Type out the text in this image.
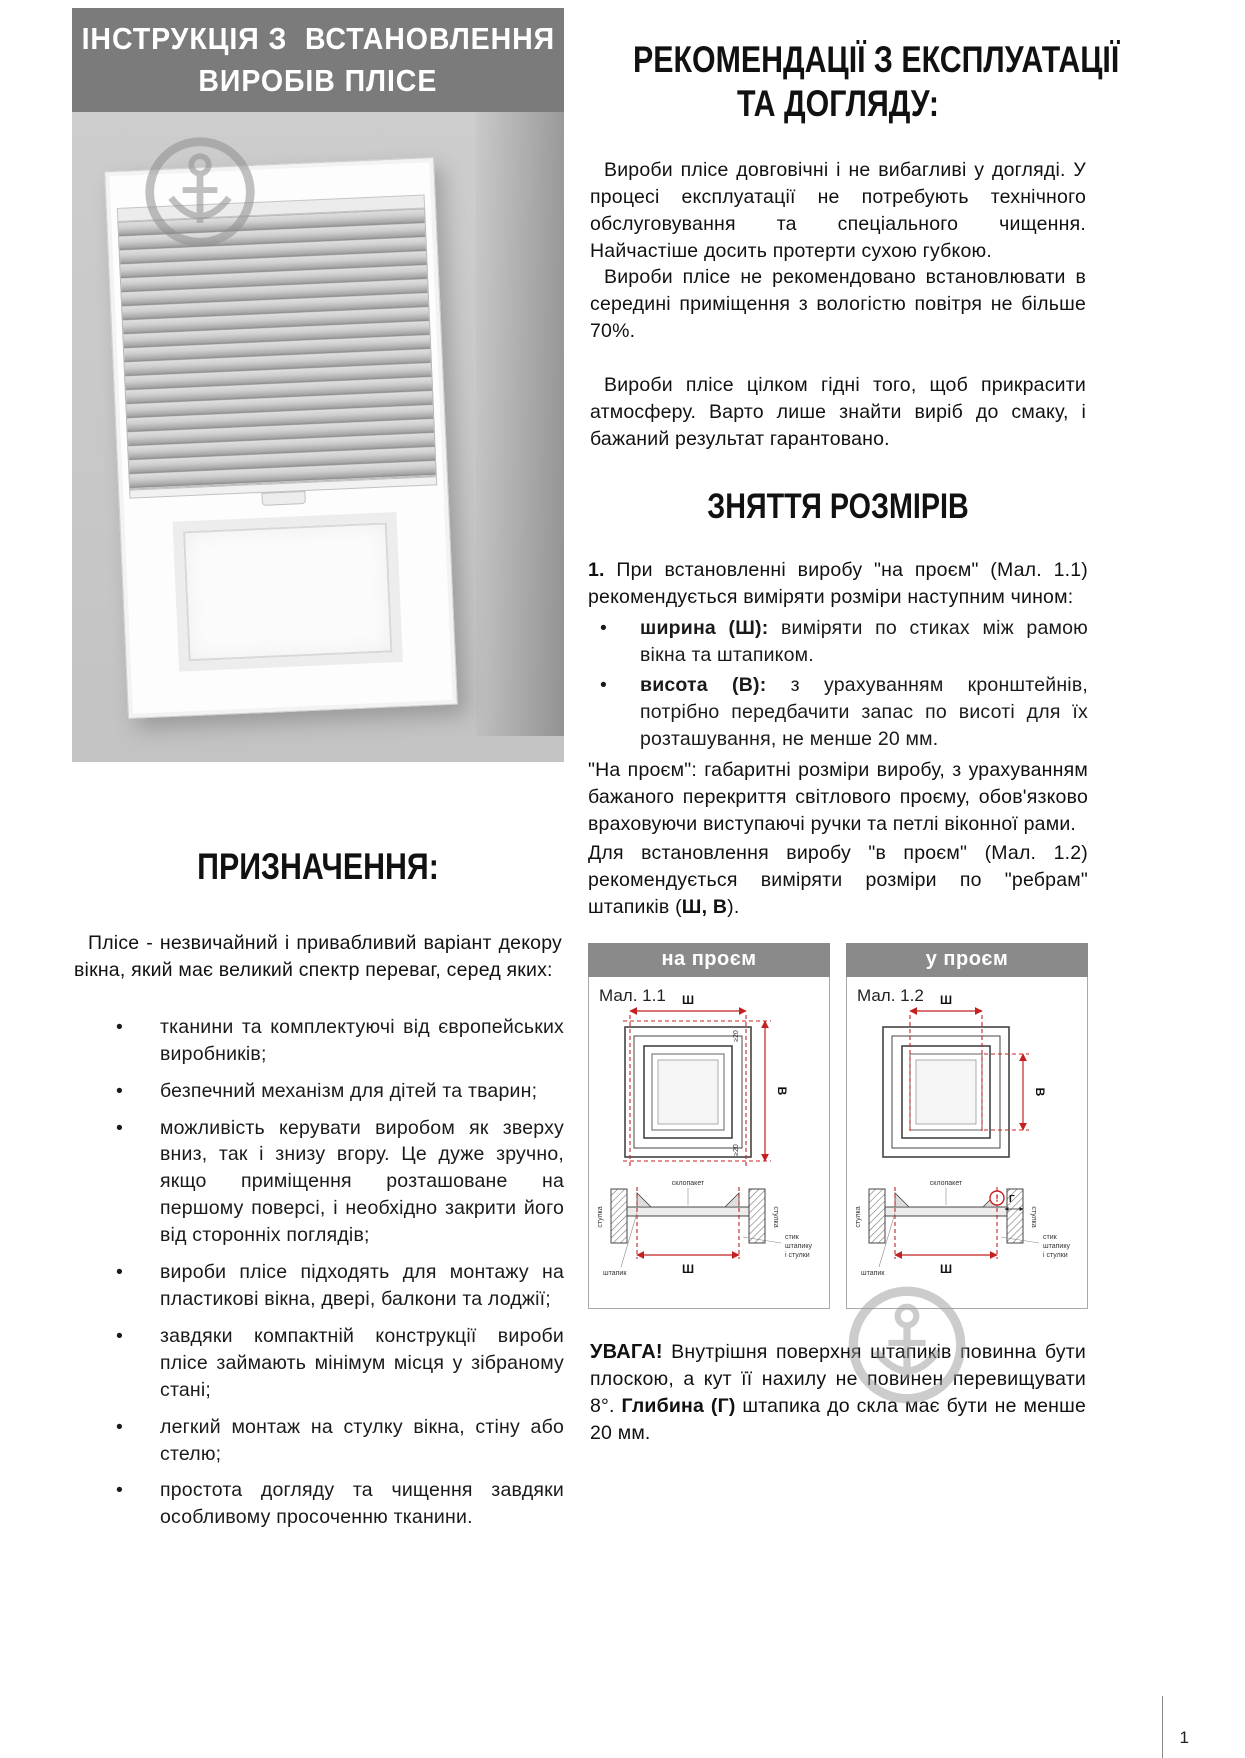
ІНСТРУКЦІЯ З  ВСТАНОВЛЕННЯ
ВИРОБІВ ПЛІСЕ
ПРИЗНАЧЕННЯ:

Плісе - незвичайний і привабливий варіант декору вікна, який має великий спектр переваг, серед яких:

• тканини та комплектуючі від європейських виробників;
• безпечний механізм для дітей та тварин;
• можливість керувати виробом як зверху вниз, так і знизу вгору. Це дуже зручно, якщо приміщення розташоване на першому поверсі, і необхідно закрити його від сторонніх поглядів;
• вироби плісе підходять для монтажу на пластикові вікна, двері, балкони та лоджії;
• завдяки компактній конструкції вироби плісе займають мінімум місця у зібраному стані;
• легкий монтаж на стулку вікна, стіну або стелю;
• простота догляду та чищення завдяки особливому просоченню тканини.
РЕКОМЕНДАЦІЇ З ЕКСПЛУАТАЦІЇ
ТА ДОГЛЯДУ:

Вироби плісе довговічні і не вибагливі у догляді. У процесі експлуатації не потребують технічного обслуговування та спеціального чищення. Найчастіше досить протерти сухою губкою.

Вироби плісе не рекомендовано встановлювати в середині приміщення з вологістю повітря не більше 70%.

Вироби плісе цілком гідні того, щоб прикрасити атмосферу. Варто лише знайти виріб до смаку, і бажаний результат гарантовано.

ЗНЯТТЯ РОЗМІРІВ

1. При встановленні виробу "на проєм" (Мал. 1.1) рекомендується виміряти розміри наступним чином:

• ширина (Ш): виміряти по стиках між рамою вікна та штапиком.
• висота (В): з урахуванням кронштейнів, потрібно передбачити запас по висоті для їх розташування, не менше 20 мм.

"На проєм": габаритні розміри виробу, з урахуванням бажаного перекриття світлового проєму, обов'язково враховуючи виступаючі ручки та петлі віконної рами.

Для встановлення виробу "в проєм" (Мал. 1.2) рекомендується виміряти розміри по "ребрам" штапиків (Ш, В).

на проєм
Мал. 1.1 Ш
В
≥20
≥20
склопакет
Ш
штапик
стулка	стулка
стик
штапику
і стулки
у проєм
Мал. 1.2 Ш
В
склопакет
Ш
штапик
стулка	стулка
стик
штапику
і стулки
! Г

УВАГА! Внутрішня поверхня штапиків повинна бути плоскою, а кут її нахилу не повинен перевищувати 8°. Глибина (Г) штапика до скла має бути не менше 20 мм.

1
